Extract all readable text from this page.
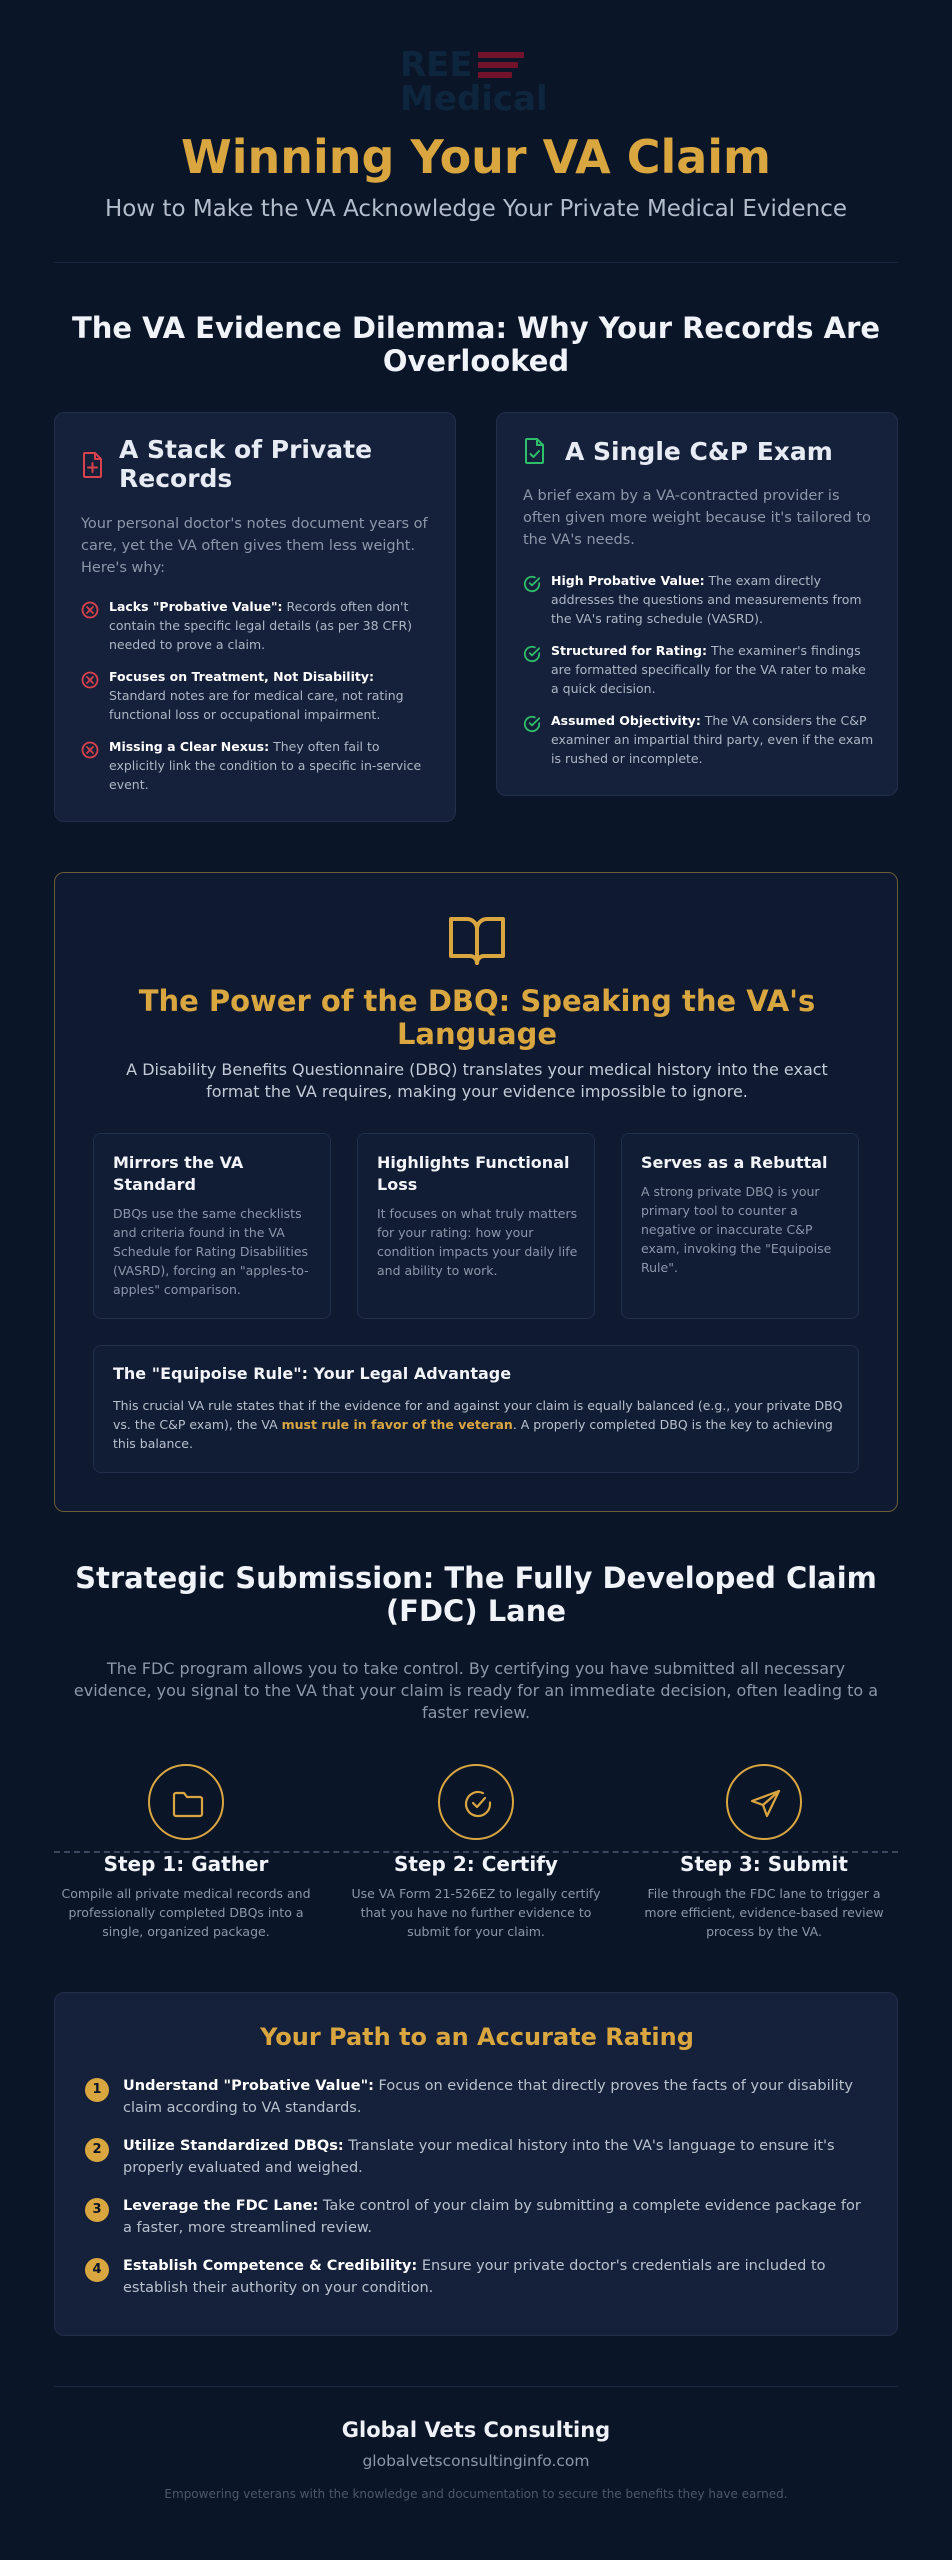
REE
Medical
Winning Your VA Claim
How to Make the VA Acknowledge Your Private Medical Evidence
The VA Evidence Dilemma: Why Your Records Are Overlooked
A Stack of Private Records
Your personal doctor's notes document years of care, yet the VA often gives them less weight. Here's why:
Lacks "Probative Value": Records often don't contain the specific legal details (as per 38 CFR) needed to prove a claim.
Focuses on Treatment, Not Disability: Standard notes are for medical care, not rating functional loss or occupational impairment.
Missing a Clear Nexus: They often fail to explicitly link the condition to a specific in-service event.
A Single C&P Exam
A brief exam by a VA-contracted provider is often given more weight because it's tailored to the VA's needs.
High Probative Value: The exam directly addresses the questions and measurements from the VA's rating schedule (VASRD).
Structured for Rating: The examiner's findings are formatted specifically for the VA rater to make a quick decision.
Assumed Objectivity: The VA considers the C&P examiner an impartial third party, even if the exam is rushed or incomplete.
The Power of the DBQ: Speaking the VA's Language
A Disability Benefits Questionnaire (DBQ) translates your medical history into the exact format the VA requires, making your evidence impossible to ignore.
Mirrors the VA Standard
DBQs use the same checklists and criteria found in the VA Schedule for Rating Disabilities (VASRD), forcing an "apples-to-apples" comparison.
Highlights Functional Loss
It focuses on what truly matters for your rating: how your condition impacts your daily life and ability to work.
Serves as a Rebuttal
A strong private DBQ is your primary tool to counter a negative or inaccurate C&P exam, invoking the "Equipoise Rule".
The "Equipoise Rule": Your Legal Advantage
This crucial VA rule states that if the evidence for and against your claim is equally balanced (e.g., your private DBQ vs. the C&P exam), the VA must rule in favor of the veteran. A properly completed DBQ is the key to achieving this balance.
Strategic Submission: The Fully Developed Claim (FDC) Lane
The FDC program allows you to take control. By certifying you have submitted all necessary evidence, you signal to the VA that your claim is ready for an immediate decision, often leading to a faster review.
Step 1: Gather	Step 2: Certify	Step 3: Submit
Compile all private medical records and professionally completed DBQs into a single, organized package.
Use VA Form 21-526EZ to legally certify that you have no further evidence to submit for your claim.
File through the FDC lane to trigger a more efficient, evidence-based review process by the VA.
Your Path to an Accurate Rating
1	Understand "Probative Value": Focus on evidence that directly proves the facts of your disability claim according to VA standards.
2	Utilize Standardized DBQs: Translate your medical history into the VA's language to ensure it's properly evaluated and weighed.
3	Leverage the FDC Lane: Take control of your claim by submitting a complete evidence package for a faster, more streamlined review.
4	Establish Competence & Credibility: Ensure your private doctor's credentials are included to establish their authority on your condition.
Global Vets Consulting
globalvetsconsultinginfo.com
Empowering veterans with the knowledge and documentation to secure the benefits they have earned.
